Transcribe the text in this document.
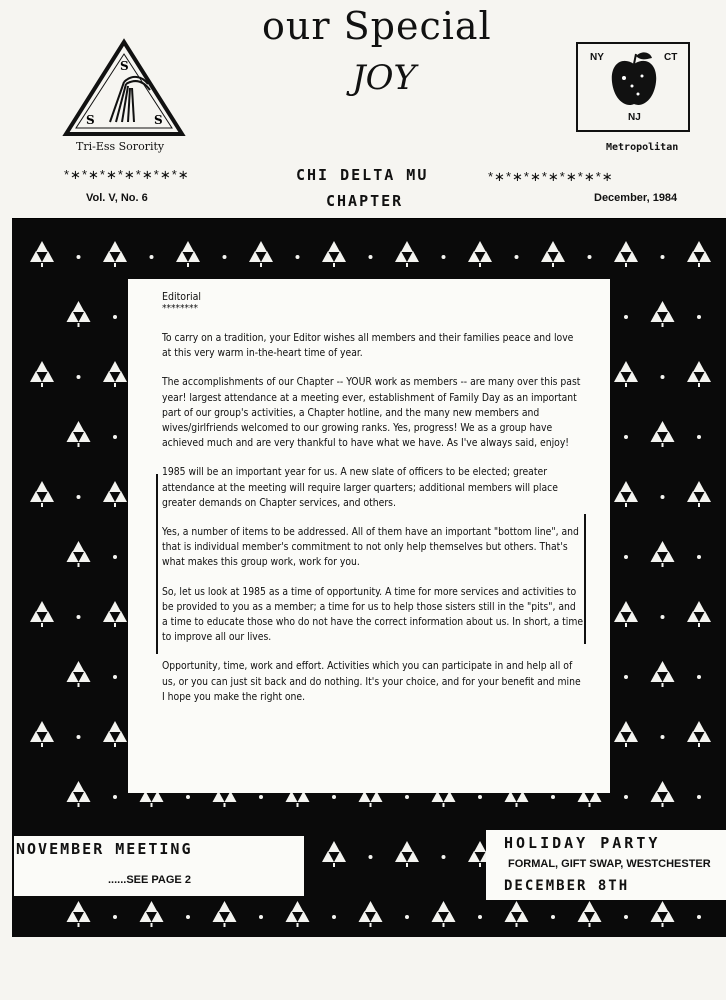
our Special
JOY
S
S	S
Tri-Ess Sorority
NY	CT
NJ
Metropolitan
*∗*∗*∗*∗*∗*∗*∗	CHI DELTA MU	*∗*∗*∗*∗*∗*∗*∗
Vol. V, No. 6	CHAPTER	December, 1984

Editorial

********

To carry on a tradition, your Editor wishes all members and their families peace and love at this very warm in-the-heart time of year.

The accomplishments of our Chapter -- YOUR work as members -- are many over this past year! largest attendance at a meeting ever, establishment of Family Day as an important part of our group's activities, a Chapter hotline, and the many new members and wives/girlfriends welcomed to our growing ranks. Yes, progress! We as a group have achieved much and are very thankful to have what we have. As I've always said, enjoy!

1985 will be an important year for us. A new slate of officers to be elected; greater attendance at the meeting will require larger quarters; additional members will place greater demands on Chapter services, and others.

Yes, a number of items to be addressed. All of them have an important "bottom line", and that is individual member's commitment to not only help themselves but others. That's what makes this group work, work for you.

So, let us look at 1985 as a time of opportunity. A time for more services and activities to be provided to you as a member; a time for us to help those sisters still in the "pits", and a time to educate those who do not have the correct information about us. In short, a time to improve all our lives.

Opportunity, time, work and effort. Activities which you can participate in and help all of us, or you can just sit back and do nothing. It's your choice, and for your benefit and mine I hope you make the right one.

NOVEMBER MEETING
......SEE PAGE 2
HOLIDAY PARTY
FORMAL, GIFT SWAP, WESTCHESTER
DECEMBER 8TH
